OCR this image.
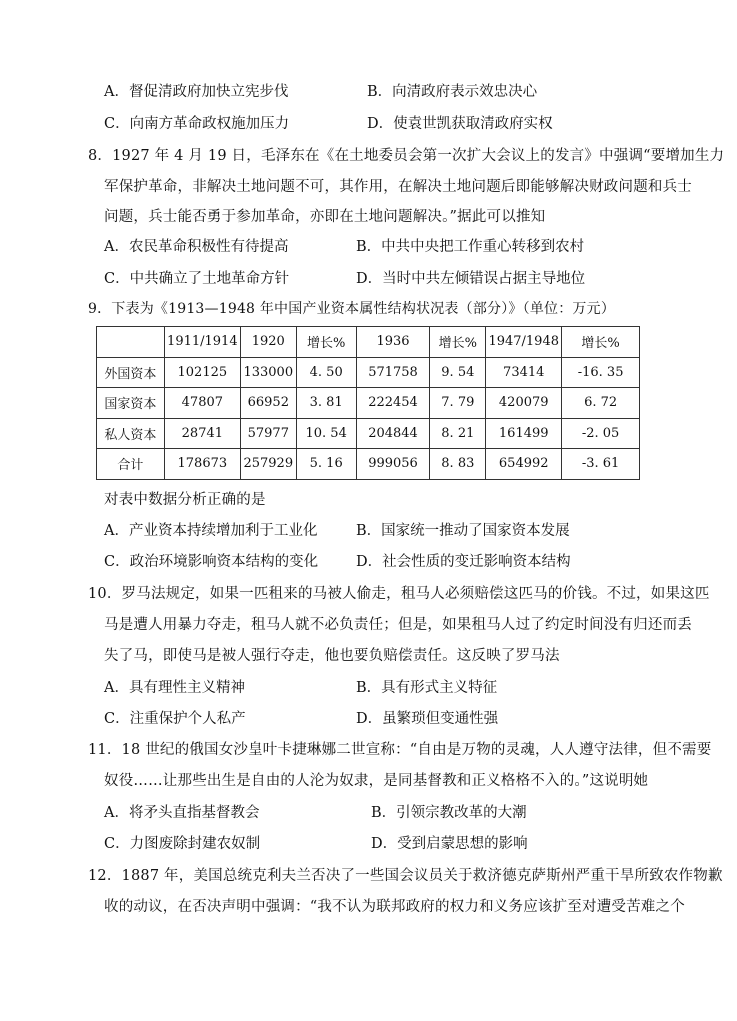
A．督促清政府加快立宪步伐	B．向清政府表示效忠决心
C．向南方革命政权施加压力	D．使袁世凯获取清政府实权
8．1927 年 4 月 19 日，毛泽东在《在土地委员会第一次扩大会议上的发言》中强调“要增加生力
军保护革命，非解决土地问题不可，其作用，在解决土地问题后即能够解决财政问题和兵士
问题，兵士能否勇于参加革命，亦即在土地问题解决。”据此可以推知
A．农民革命积极性有待提高	B．中共中央把工作重心转移到农村
C．中共确立了土地革命方针	D．当时中共左倾错误占据主导地位
9．下表为《1913—1948 年中国产业资本属性结构状况表（部分）》（单位：万元）
	1911/1914	1920	增长%	1936	增长%	1947/1948	增长%
外国资本	102125	133000	4. 50	571758	9. 54	73414	-16. 35
国家资本	47807	66952	3. 81	222454	7. 79	420079	6. 72
私人资本	28741	57977	10. 54	204844	8. 21	161499	-2. 05
合计	178673	257929	5. 16	999056	8. 83	654992	-3. 61
对表中数据分析正确的是
A．产业资本持续增加利于工业化	B．国家统一推动了国家资本发展
C．政治环境影响资本结构的变化	D．社会性质的变迁影响资本结构
10．罗马法规定，如果一匹租来的马被人偷走，租马人必须赔偿这匹马的价钱。不过，如果这匹
马是遭人用暴力夺走，租马人就不必负责任；但是，如果租马人过了约定时间没有归还而丢
失了马，即使马是被人强行夺走，他也要负赔偿责任。这反映了罗马法
A．具有理性主义精神	B．具有形式主义特征
C．注重保护个人私产	D．虽繁琐但变通性强
11．18 世纪的俄国女沙皇叶卡捷琳娜二世宣称：“自由是万物的灵魂，人人遵守法律，但不需要
奴役……让那些出生是自由的人沦为奴隶，是同基督教和正义格格不入的。”这说明她
A．将矛头直指基督教会	B．引领宗教改革的大潮
C．力图废除封建农奴制	D．受到启蒙思想的影响
12．1887 年，美国总统克利夫兰否决了一些国会议员关于救济德克萨斯州严重干旱所致农作物歉
收的动议，在否决声明中强调：“我不认为联邦政府的权力和义务应该扩至对遭受苦难之个
